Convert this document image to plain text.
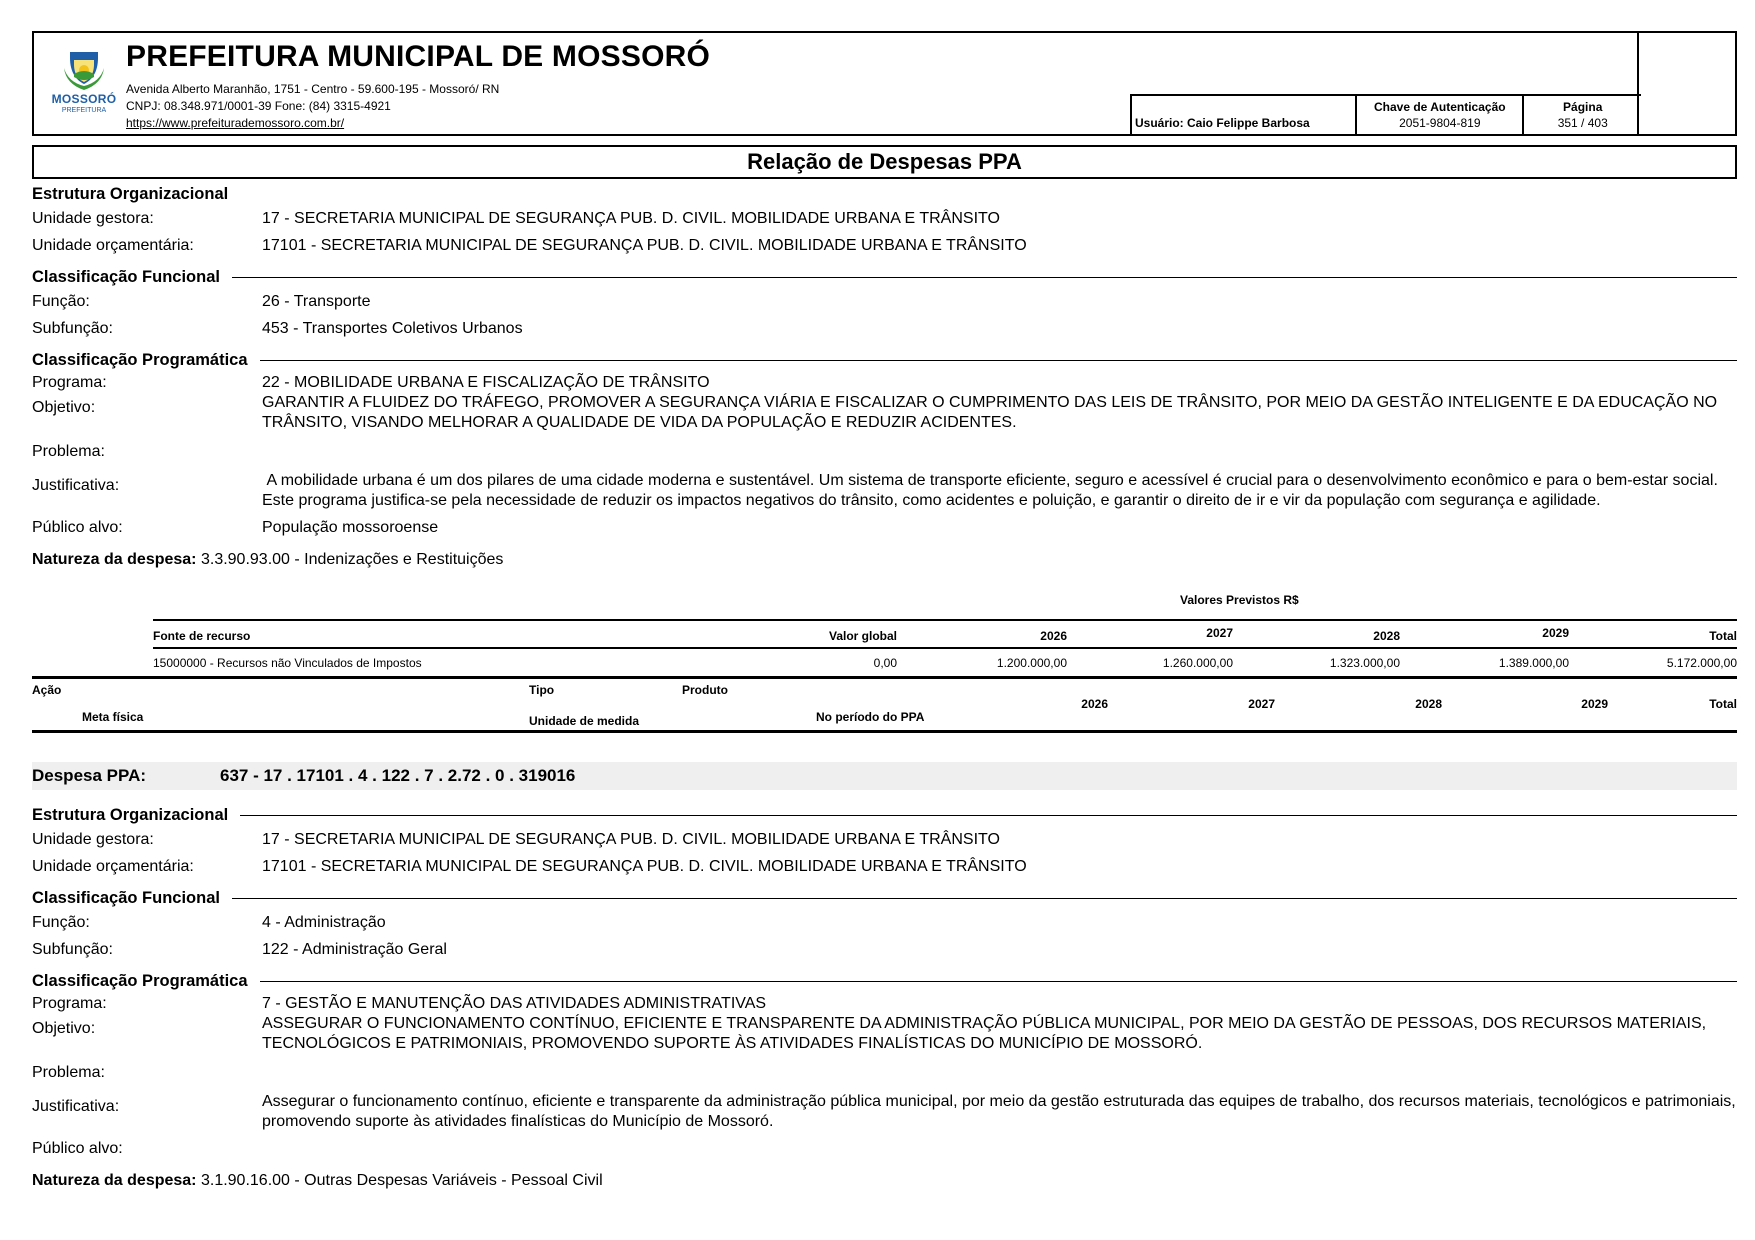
Usuário: Caio Felippe Barbosa
Chave de Autenticação
2051-9804-819
Página
351 / 403
MOSSORÓ
PREFEITURA
PREFEITURA MUNICIPAL DE MOSSORÓ
Avenida Alberto Maranhão, 1751 - Centro - 59.600-195 - Mossoró/ RN
CNPJ: 08.348.971/0001-39 Fone: (84) 3315-4921
https://www.prefeiturademossoro.com.br/
Relação de Despesas PPA
Estrutura Organizacional
Unidade gestora:	17 - SECRETARIA MUNICIPAL DE SEGURANÇA PUB. D. CIVIL. MOBILIDADE URBANA E TRÂNSITO
Unidade orçamentária:	17101 - SECRETARIA MUNICIPAL DE SEGURANÇA PUB. D. CIVIL. MOBILIDADE URBANA E TRÂNSITO
Classificação Funcional
Função:	26 - Transporte
Subfunção:	453 - Transportes Coletivos Urbanos
Classificação Programática
Programa:	22 - MOBILIDADE URBANA E FISCALIZAÇÃO DE TRÂNSITO
Objetivo:	GARANTIR A FLUIDEZ DO TRÁFEGO, PROMOVER A SEGURANÇA VIÁRIA E FISCALIZAR O CUMPRIMENTO DAS LEIS DE TRÂNSITO, POR MEIO DA GESTÃO INTELIGENTE E DA EDUCAÇÃO NO TRÂNSITO, VISANDO MELHORAR A QUALIDADE DE VIDA DA POPULAÇÃO E REDUZIR ACIDENTES.
Problema:
Justificativa:	A mobilidade urbana é um dos pilares de uma cidade moderna e sustentável. Um sistema de transporte eficiente, seguro e acessível é crucial para o desenvolvimento econômico e para o bem-estar social. Este programa justifica-se pela necessidade de reduzir os impactos negativos do trânsito, como acidentes e poluição, e garantir o direito de ir e vir da população com segurança e agilidade.
Público alvo:	População mossoroense
Natureza da despesa: 3.3.90.93.00 - Indenizações e Restituições
Valores Previstos R$
Fonte de recurso	Valor global	2026	2027	2028	2029	Total
15000000 - Recursos não Vinculados de Impostos	0,00	1.200.000,00	1.260.000,00	1.323.000,00	1.389.000,00	5.172.000,00
Ação	Tipo	Produto
Meta física	Unidade de medida	No período do PPA
2026	2027	2028	2029	Total
Despesa PPA:	637 - 17 . 17101 . 4 . 122 . 7 . 2.72 . 0 . 319016
Estrutura Organizacional
Unidade gestora:	17 - SECRETARIA MUNICIPAL DE SEGURANÇA PUB. D. CIVIL. MOBILIDADE URBANA E TRÂNSITO
Unidade orçamentária:	17101 - SECRETARIA MUNICIPAL DE SEGURANÇA PUB. D. CIVIL. MOBILIDADE URBANA E TRÂNSITO
Classificação Funcional
Função:	4 - Administração
Subfunção:	122 - Administração Geral
Classificação Programática
Programa:	7 - GESTÃO E MANUTENÇÃO DAS ATIVIDADES ADMINISTRATIVAS
Objetivo:	ASSEGURAR O FUNCIONAMENTO CONTÍNUO, EFICIENTE E TRANSPARENTE DA ADMINISTRAÇÃO PÚBLICA MUNICIPAL, POR MEIO DA GESTÃO DE PESSOAS, DOS RECURSOS MATERIAIS, TECNOLÓGICOS E PATRIMONIAIS, PROMOVENDO SUPORTE ÀS ATIVIDADES FINALÍSTICAS DO MUNICÍPIO DE MOSSORÓ.
Problema:
Justificativa:	Assegurar o funcionamento contínuo, eficiente e transparente da administração pública municipal, por meio da gestão estruturada das equipes de trabalho, dos recursos materiais, tecnológicos e patrimoniais, promovendo suporte às atividades finalísticas do Município de Mossoró.
Público alvo:
Natureza da despesa: 3.1.90.16.00 - Outras Despesas Variáveis - Pessoal Civil
